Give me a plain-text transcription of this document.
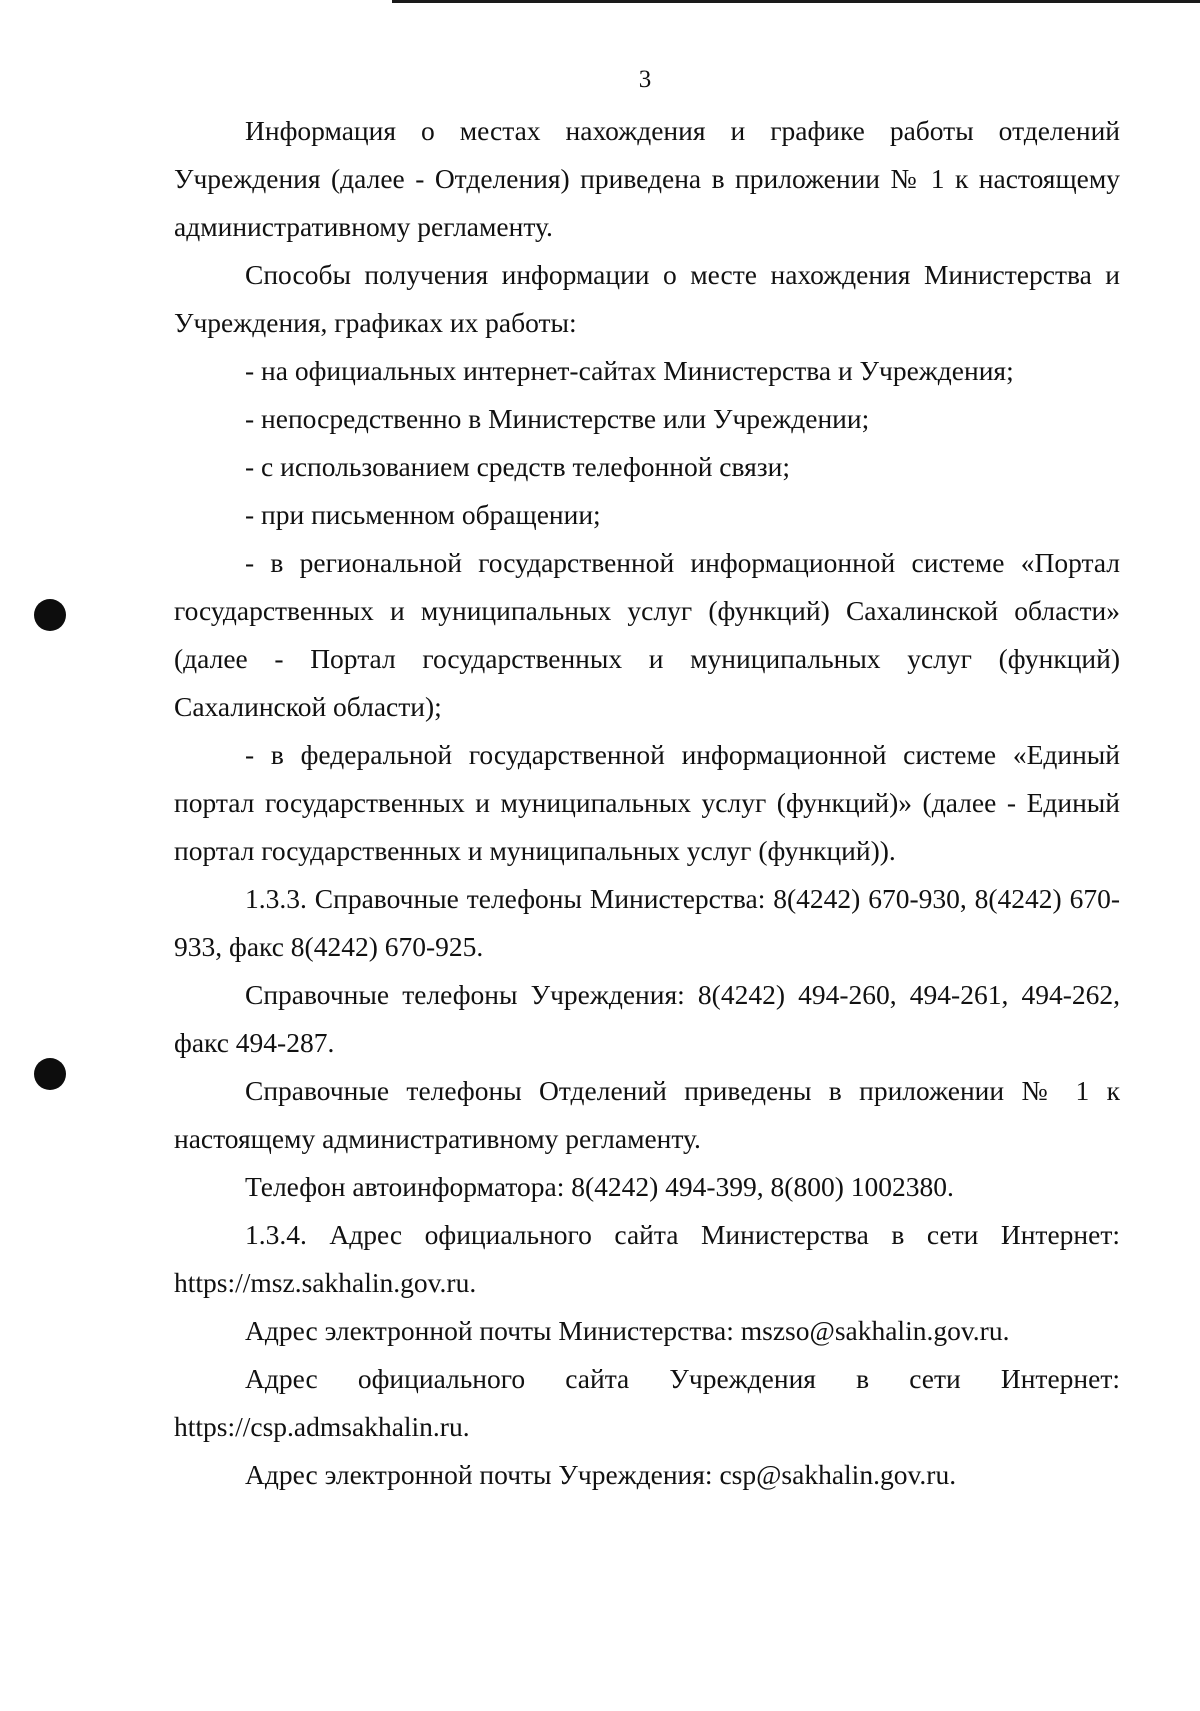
3

Информация о местах нахождения и графике работы отделений Учреждения (далее - Отделения) приведена в приложении № 1 к настоящему административному регламенту.

Способы получения информации о месте нахождения Министерства и Учреждения, графиках их работы:

- на официальных интернет-сайтах Министерства и Учреждения;

- непосредственно в Министерстве или Учреждении;

- с использованием средств телефонной связи;

- при письменном обращении;

- в региональной государственной информационной системе «Портал государственных и муниципальных услуг (функций) Сахалинской области» (далее - Портал государственных и муниципальных услуг (функций) Сахалинской области);

- в федеральной государственной информационной системе «Единый портал государственных и муниципальных услуг (функций)» (далее - Единый портал государственных и муниципальных услуг (функций)).

1.3.3. Справочные телефоны Министерства: 8(4242) 670-930, 8(4242) 670-933, факс 8(4242) 670-925.

Справочные телефоны Учреждения: 8(4242) 494-260, 494-261, 494-262, факс 494-287.

Справочные телефоны Отделений приведены в приложении № 1 к настоящему административному регламенту.

Телефон автоинформатора: 8(4242) 494-399, 8(800) 1002380.

1.3.4. Адрес официального сайта Министерства в сети Интернет: https://msz.sakhalin.gov.ru.

Адрес электронной почты Министерства: mszso@sakhalin.gov.ru.

Адрес официального сайта Учреждения в сети Интернет: https://csp.admsakhalin.ru.

Адрес электронной почты Учреждения: csp@sakhalin.gov.ru.
